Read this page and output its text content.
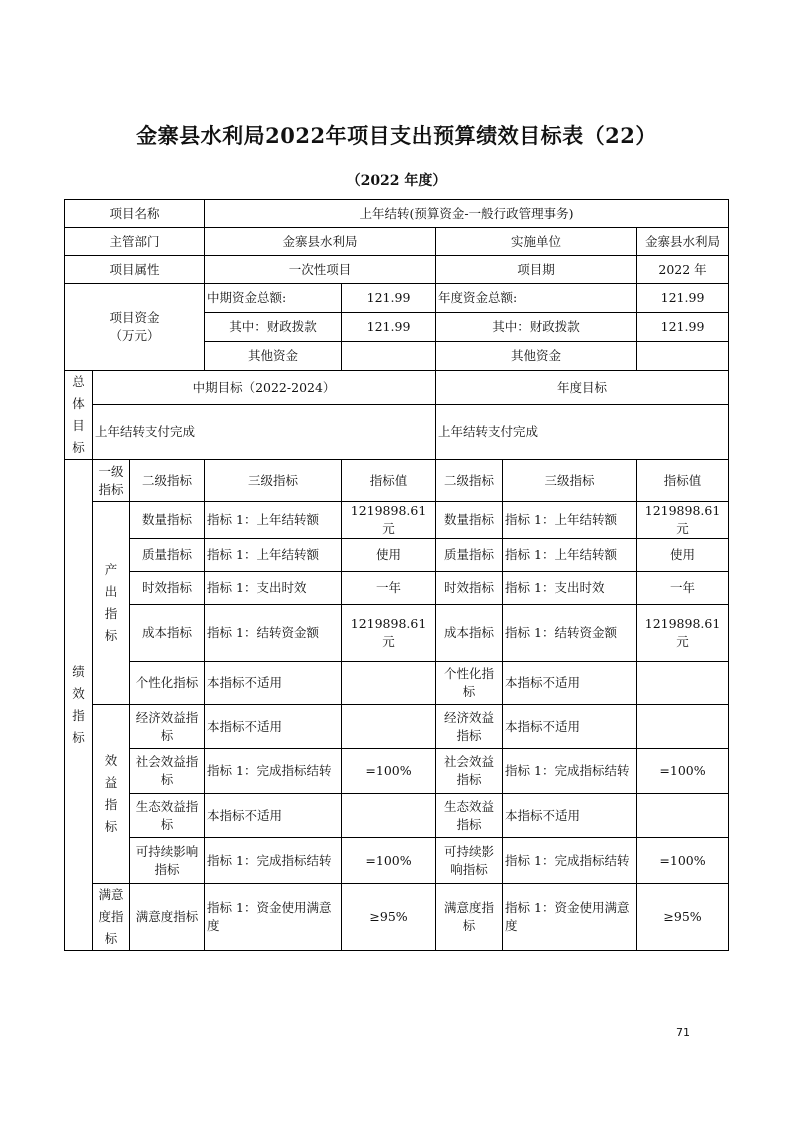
金寨县水利局2022年项目支出预算绩效目标表（22）
（2022 年度）
项目名称			上年结转(预算资金-一般行政管理事务)				
主管部门			金寨县水利局		实施单位		金寨县水利局
项目属性			一次性项目		项目期		2022 年

项目资金
（万元）			中期资金总额:	121.99	年度资金总额:		121.99
			其中：财政拨款	121.99	其中：财政拨款		121.99
			其他资金		其他资金		

总
体
目
标	中期目标（2022-2024）				年度目标		
	上年结转支付完成				上年结转支付完成		

绩
效
指
标	一级指标	二级指标	三级指标	指标值	二级指标	三级指标	指标值

	产
出
指
标	数量指标	指标 1：上年结转额	1219898.61 元	数量指标	指标 1：上年结转额	1219898.61 元
		质量指标	指标 1：上年结转额	使用	质量指标	指标 1：上年结转额	使用
		时效指标	指标 1：支出时效	一年	时效指标	指标 1：支出时效	一年
		成本指标	指标 1：结转资金额	1219898.61 元	成本指标	指标 1：结转资金额	1219898.61 元
		个性化指标	本指标不适用		个性化指标	本指标不适用	

	效
益
指
标	经济效益指标	本指标不适用		经济效益指标	本指标不适用	
		社会效益指标	指标 1：完成指标结转	=100%	社会效益指标	指标 1：完成指标结转	=100%
		生态效益指标	本指标不适用		生态效益指标	本指标不适用	
		可持续影响指标	指标 1：完成指标结转	=100%	可持续影响指标	指标 1：完成指标结转	=100%
	满意度指标	满意度指标	指标 1：资金使用满意度	≥95%	满意度指标	指标 1：资金使用满意度	≥95%
71
